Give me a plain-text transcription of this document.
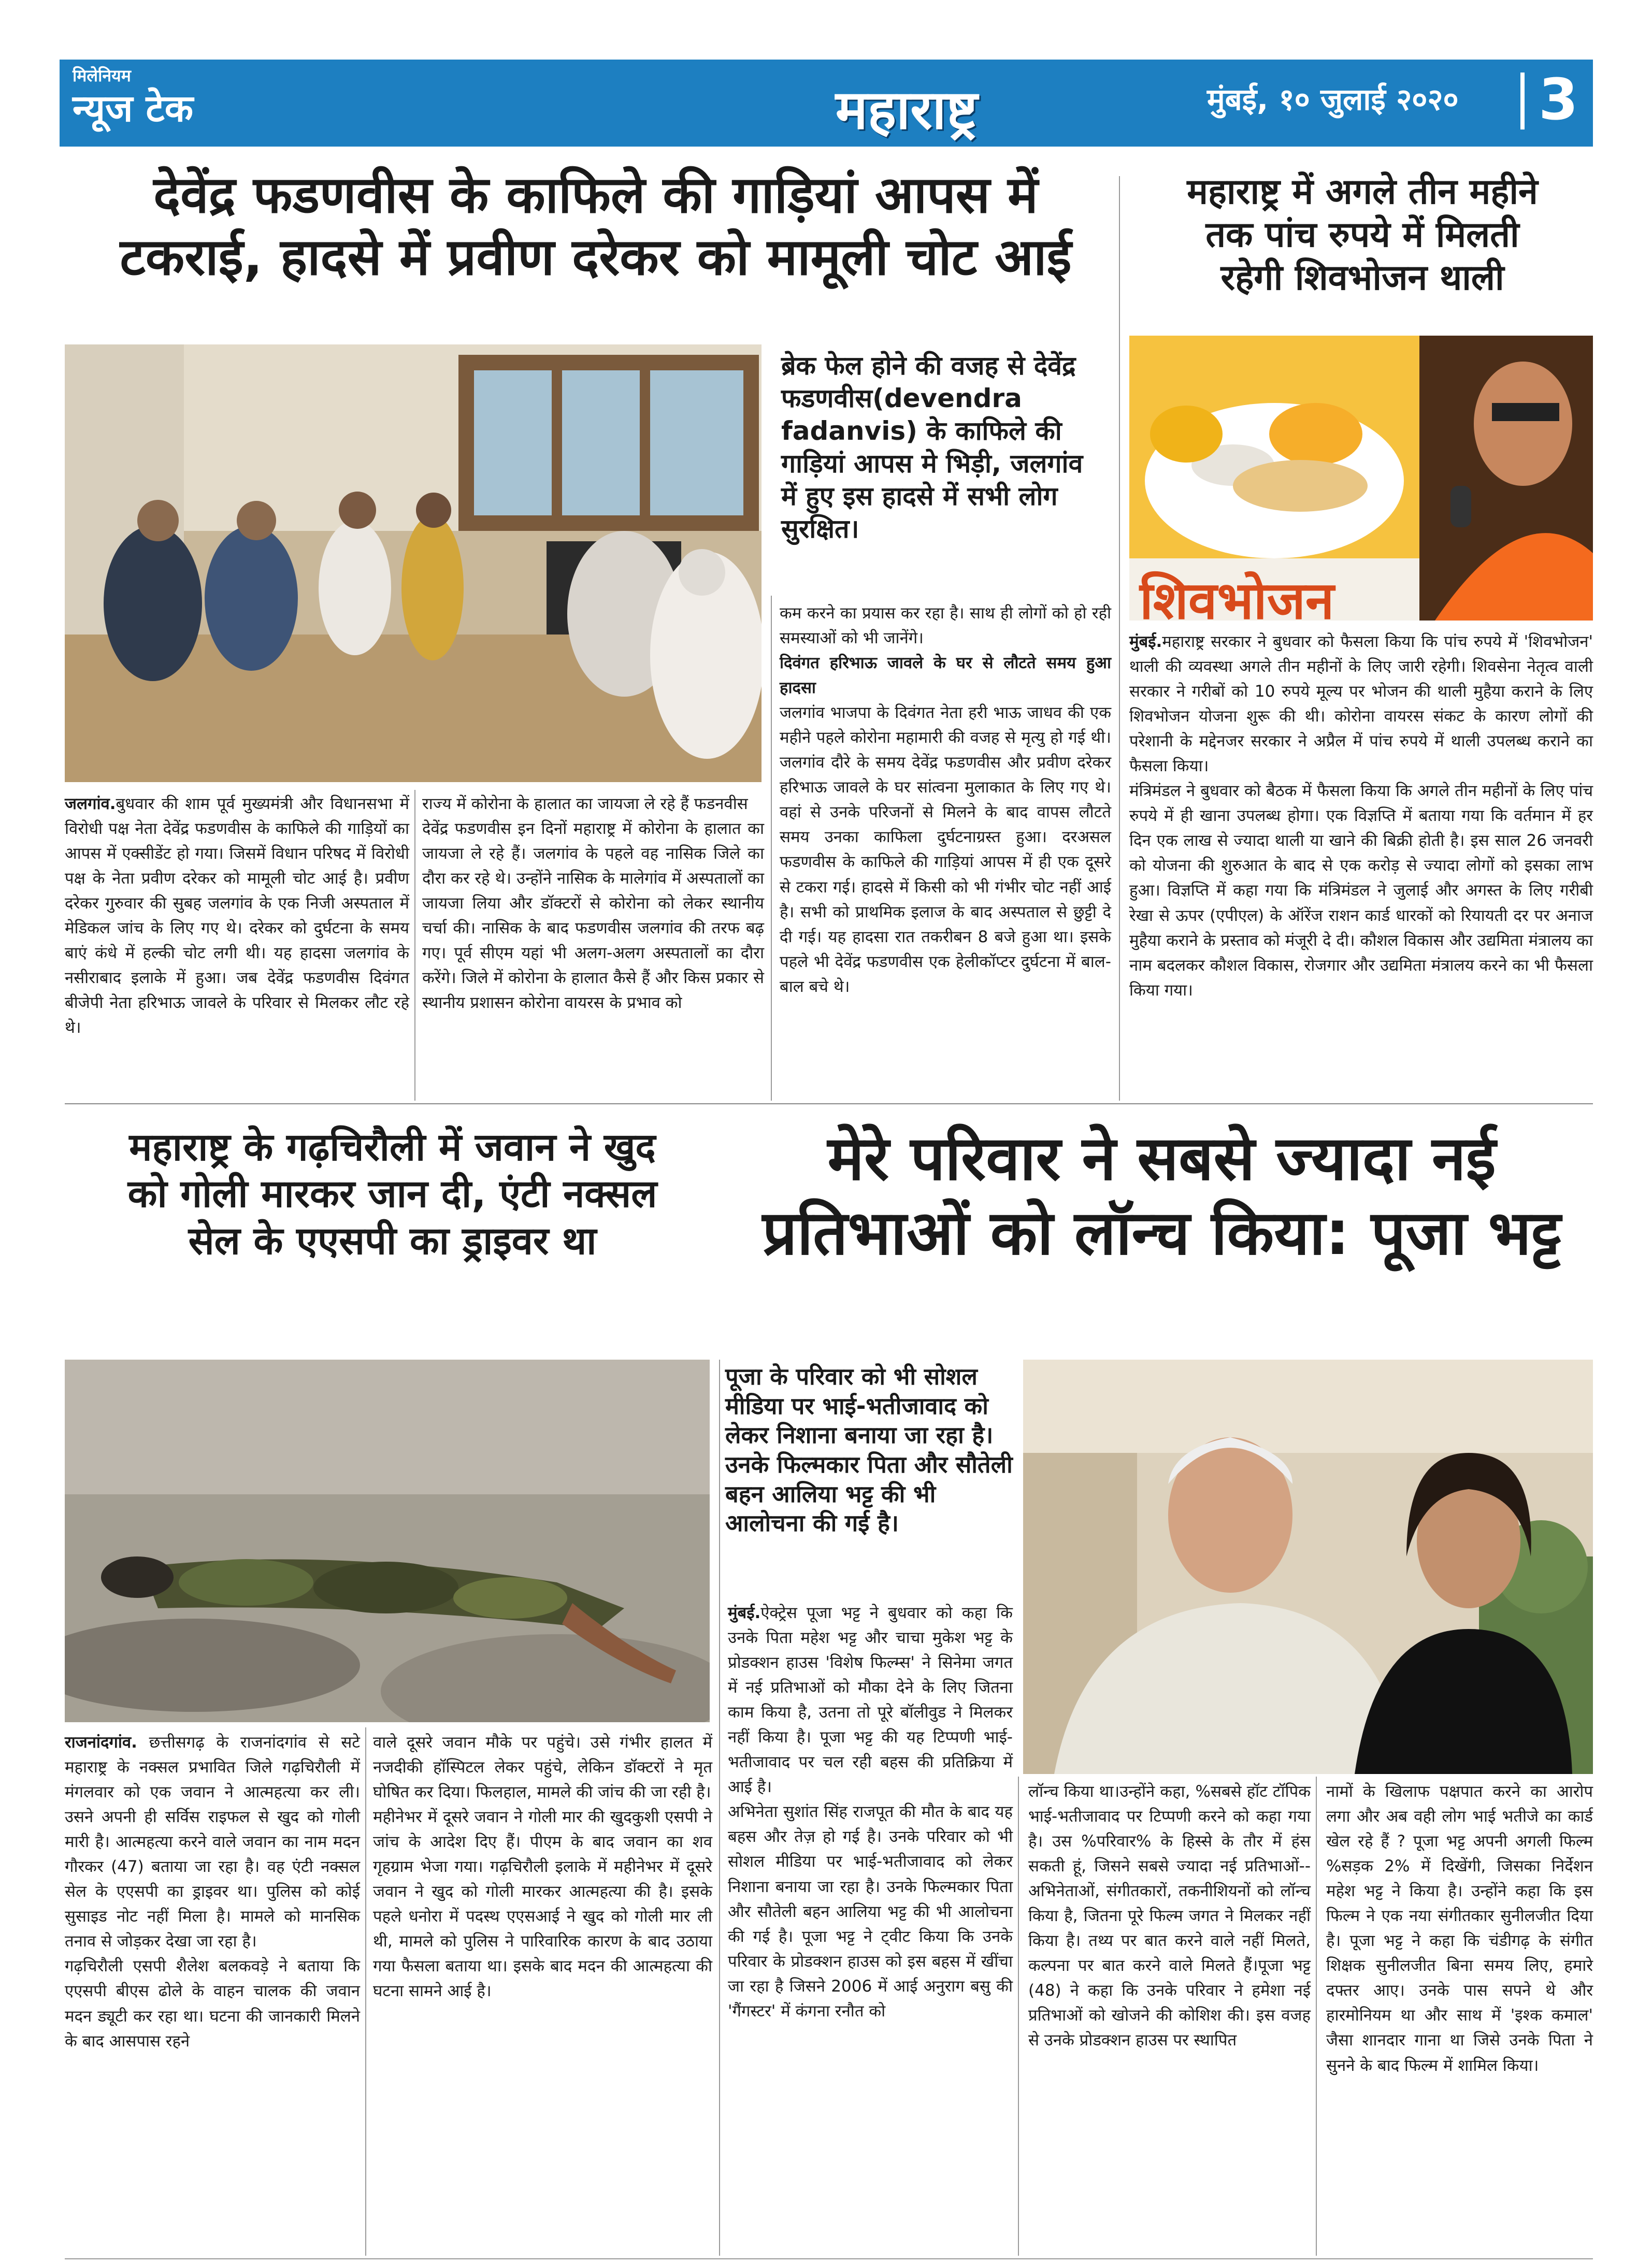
मिलेनियम
न्यूज टेक	महाराष्ट्र	मुंबई, १० जुलाई २०२० 3
देवेंद्र फडणवीस के काफिले की गाड़ियां आपस में
टकराई, हादसे में प्रवीण दरेकर को मामूली चोट आई
ब्रेक फेल होने की वजह से देवेंद्र फडणवीस(devendra fadanvis) के काफिले की गाड़ियां आपस मे भिड़ी, जलगांव में हुए इस हादसे में सभी लोग सुरक्षित।
जलगांव.बुधवार की शाम पूर्व मुख्यमंत्री और विधानसभा में विरोधी पक्ष नेता देवेंद्र फडणवीस के काफिले की गाड़ियों का आपस में एक्सीडेंट हो गया। जिसमें विधान परिषद में विरोधी पक्ष के नेता प्रवीण दरेकर को मामूली चोट आई है। प्रवीण दरेकर गुरुवार की सुबह जलगांव के एक निजी अस्पताल में मेडिकल जांच के लिए गए थे। दरेकर को दुर्घटना के समय बाएं कंधे में हल्की चोट लगी थी। यह हादसा जलगांव के नसीराबाद इलाके में हुआ। जब देवेंद्र फडणवीस दिवंगत बीजेपी नेता हरिभाऊ जावले के परिवार से मिलकर लौट रहे थे।
राज्य में कोरोना के हालात का जायजा ले रहे हैं फडनवीस
देवेंद्र फडणवीस इन दिनों महाराष्ट्र में कोरोना के हालात का जायजा ले रहे हैं। जलगांव के पहले वह नासिक जिले का दौरा कर रहे थे। उन्होंने नासिक के मालेगांव में अस्पतालों का जायजा लिया और डॉक्टरों से कोरोना को लेकर स्थानीय चर्चा की। नासिक के बाद फडणवीस जलगांव की तरफ बढ़ गए। पूर्व सीएम यहां भी अलग-अलग अस्पतालों का दौरा करेंगे। जिले में कोरोना के हालात कैसे हैं और किस प्रकार से स्थानीय प्रशासन कोरोना वायरस के प्रभाव को
कम करने का प्रयास कर रहा है। साथ ही लोगों को हो रही समस्याओं को भी जानेंगे।
दिवंगत हरिभाऊ जावले के घर से लौटते समय हुआ हादसा
जलगांव भाजपा के दिवंगत नेता हरी भाऊ जाधव की एक महीने पहले कोरोना महामारी की वजह से मृत्यु हो गई थी। जलगांव दौरे के समय देवेंद्र फडणवीस और प्रवीण दरेकर हरिभाऊ जावले के घर सांत्वना मुलाकात के लिए गए थे। वहां से उनके परिजनों से मिलने के बाद वापस लौटते समय उनका काफिला दुर्घटनाग्रस्त हुआ। दरअसल फडणवीस के काफिले की गाड़ियां आपस में ही एक दूसरे से टकरा गई। हादसे में किसी को भी गंभीर चोट नहीं आई है। सभी को प्राथमिक इलाज के बाद अस्पताल से छुट्टी दे दी गई। यह हादसा रात तकरीबन 8 बजे हुआ था। इसके पहले भी देवेंद्र फडणवीस एक हेलीकॉप्टर दुर्घटना में बाल-बाल बचे थे।
महाराष्ट्र में अगले तीन महीने
तक पांच रुपये में मिलती
रहेगी शिवभोजन थाली
शिवभोजन
मुंबई.महाराष्ट्र सरकार ने बुधवार को फैसला किया कि पांच रुपये में 'शिवभोजन' थाली की व्यवस्था अगले तीन महीनों के लिए जारी रहेगी। शिवसेना नेतृत्व वाली सरकार ने गरीबों को 10 रुपये मूल्य पर भोजन की थाली मुहैया कराने के लिए शिवभोजन योजना शुरू की थी। कोरोना वायरस संकट के कारण लोगों की परेशानी के मद्देनजर सरकार ने अप्रैल में पांच रुपये में थाली उपलब्ध कराने का फैसला किया।
मंत्रिमंडल ने बुधवार को बैठक में फैसला किया कि अगले तीन महीनों के लिए पांच रुपये में ही खाना उपलब्ध होगा। एक विज्ञप्ति में बताया गया कि वर्तमान में हर दिन एक लाख से ज्यादा थाली या खाने की बिक्री होती है। इस साल 26 जनवरी को योजना की शुरुआत के बाद से एक करोड़ से ज्यादा लोगों को इसका लाभ हुआ। विज्ञप्ति में कहा गया कि मंत्रिमंडल ने जुलाई और अगस्त के लिए गरीबी रेखा से ऊपर (एपीएल) के ऑरेंज राशन कार्ड धारकों को रियायती दर पर अनाज मुहैया कराने के प्रस्ताव को मंजूरी दे दी। कौशल विकास और उद्यमिता मंत्रालय का नाम बदलकर कौशल विकास, रोजगार और उद्यमिता मंत्रालय करने का भी फैसला किया गया।
महाराष्ट्र के गढ़चिरौली में जवान ने खुद
को गोली मारकर जान दी, एंटी नक्सल
सेल के एएसपी का ड्राइवर था
राजनांदगांव. छत्तीसगढ़ के राजनांदगांव से सटे महाराष्ट्र के नक्सल प्रभावित जिले गढ़चिरौली में मंगलवार को एक जवान ने आत्महत्या कर ली। उसने अपनी ही सर्विस राइफल से खुद को गोली मारी है। आत्महत्या करने वाले जवान का नाम मदन गौरकर (47) बताया जा रहा है। वह एंटी नक्सल सेल के एएसपी का ड्राइवर था। पुलिस को कोई सुसाइड नोट नहीं मिला है। मामले को मानसिक तनाव से जोड़कर देखा जा रहा है।
गढ़चिरौली एसपी शैलेश बलकवड़े ने बताया कि एएसपी बीएस ढोले के वाहन चालक की जवान मदन ड्यूटी कर रहा था। घटना की जानकारी मिलने के बाद आसपास रहने
वाले दूसरे जवान मौके पर पहुंचे। उसे गंभीर हालत में नजदीकी हॉस्पिटल लेकर पहुंचे, लेकिन डॉक्टरों ने मृत घोषित कर दिया। फिलहाल, मामले की जांच की जा रही है।
महीनेभर में दूसरे जवान ने गोली मार की खुदकुशी एसपी ने जांच के आदेश दिए हैं। पीएम के बाद जवान का शव गृहग्राम भेजा गया। गढ़चिरौली इलाके में महीनेभर में दूसरे जवान ने खुद को गोली मारकर आत्महत्या की है। इसके पहले धनोरा में पदस्थ एएसआई ने खुद को गोली मार ली थी, मामले को पुलिस ने पारिवारिक कारण के बाद उठाया गया फैसला बताया था। इसके बाद मदन की आत्महत्या की घटना सामने आई है।
मेरे परिवार ने सबसे ज्यादा नई
प्रतिभाओं को लॉन्च किया: पूजा भट्ट
पूजा के परिवार को भी सोशल मीडिया पर भाई-भतीजावाद को लेकर निशाना बनाया जा रहा है। उनके फिल्मकार पिता और सौतेली बहन आलिया भट्ट की भी आलोचना की गई है।
मुंबई.ऐक्ट्रेस पूजा भट्ट ने बुधवार को कहा कि उनके पिता महेश भट्ट और चाचा मुकेश भट्ट के प्रोडक्शन हाउस 'विशेष फिल्म्स' ने सिनेमा जगत में नई प्रतिभाओं को मौका देने के लिए जितना काम किया है, उतना तो पूरे बॉलीवुड ने मिलकर नहीं किया है। पूजा भट्ट की यह टिप्पणी भाई-भतीजावाद पर चल रही बहस की प्रतिक्रिया में आई है।
अभिनेता सुशांत सिंह राजपूत की मौत के बाद यह बहस और तेज़ हो गई है। उनके परिवार को भी सोशल मीडिया पर भाई-भतीजावाद को लेकर निशाना बनाया जा रहा है। उनके फिल्मकार पिता और सौतेली बहन आलिया भट्ट की भी आलोचना की गई है। पूजा भट्ट ने ट्वीट किया कि उनके परिवार के प्रोडक्शन हाउस को इस बहस में खींचा जा रहा है जिसने 2006 में आई अनुराग बसु की 'गैंगस्टर' में कंगना रनौत को
लॉन्च किया था।उन्होंने कहा, %सबसे हॉट टॉपिक भाई-भतीजावाद पर टिप्पणी करने को कहा गया है। उस %परिवार% के हिस्से के तौर में हंस सकती हूं, जिसने सबसे ज्यादा नई प्रतिभाओं--अभिनेताओं, संगीतकारों, तकनीशियनों को लॉन्च किया है, जितना पूरे फिल्म जगत ने मिलकर नहीं किया है। तथ्य पर बात करने वाले नहीं मिलते, कल्पना पर बात करने वाले मिलते हैं।पूजा भट्ट (48) ने कहा कि उनके परिवार ने हमेशा नई प्रतिभाओं को खोजने की कोशिश की। इस वजह से उनके प्रोडक्शन हाउस पर स्थापित
नामों के खिलाफ पक्षपात करने का आरोप लगा और अब वही लोग भाई भतीजे का कार्ड खेल रहे हैं ? पूजा भट्ट अपनी अगली फिल्म %सड़क 2% में दिखेंगी, जिसका निर्देशन महेश भट्ट ने किया है। उन्होंने कहा कि इस फिल्म ने एक नया संगीतकार सुनीलजीत दिया है। पूजा भट्ट ने कहा कि चंडीगढ़ के संगीत शिक्षक सुनीलजीत बिना समय लिए, हमारे दफ्तर आए। उनके पास सपने थे और हारमोनियम था और साथ में 'इश्क कमाल' जैसा शानदार गाना था जिसे उनके पिता ने सुनने के बाद फिल्म में शामिल किया।
